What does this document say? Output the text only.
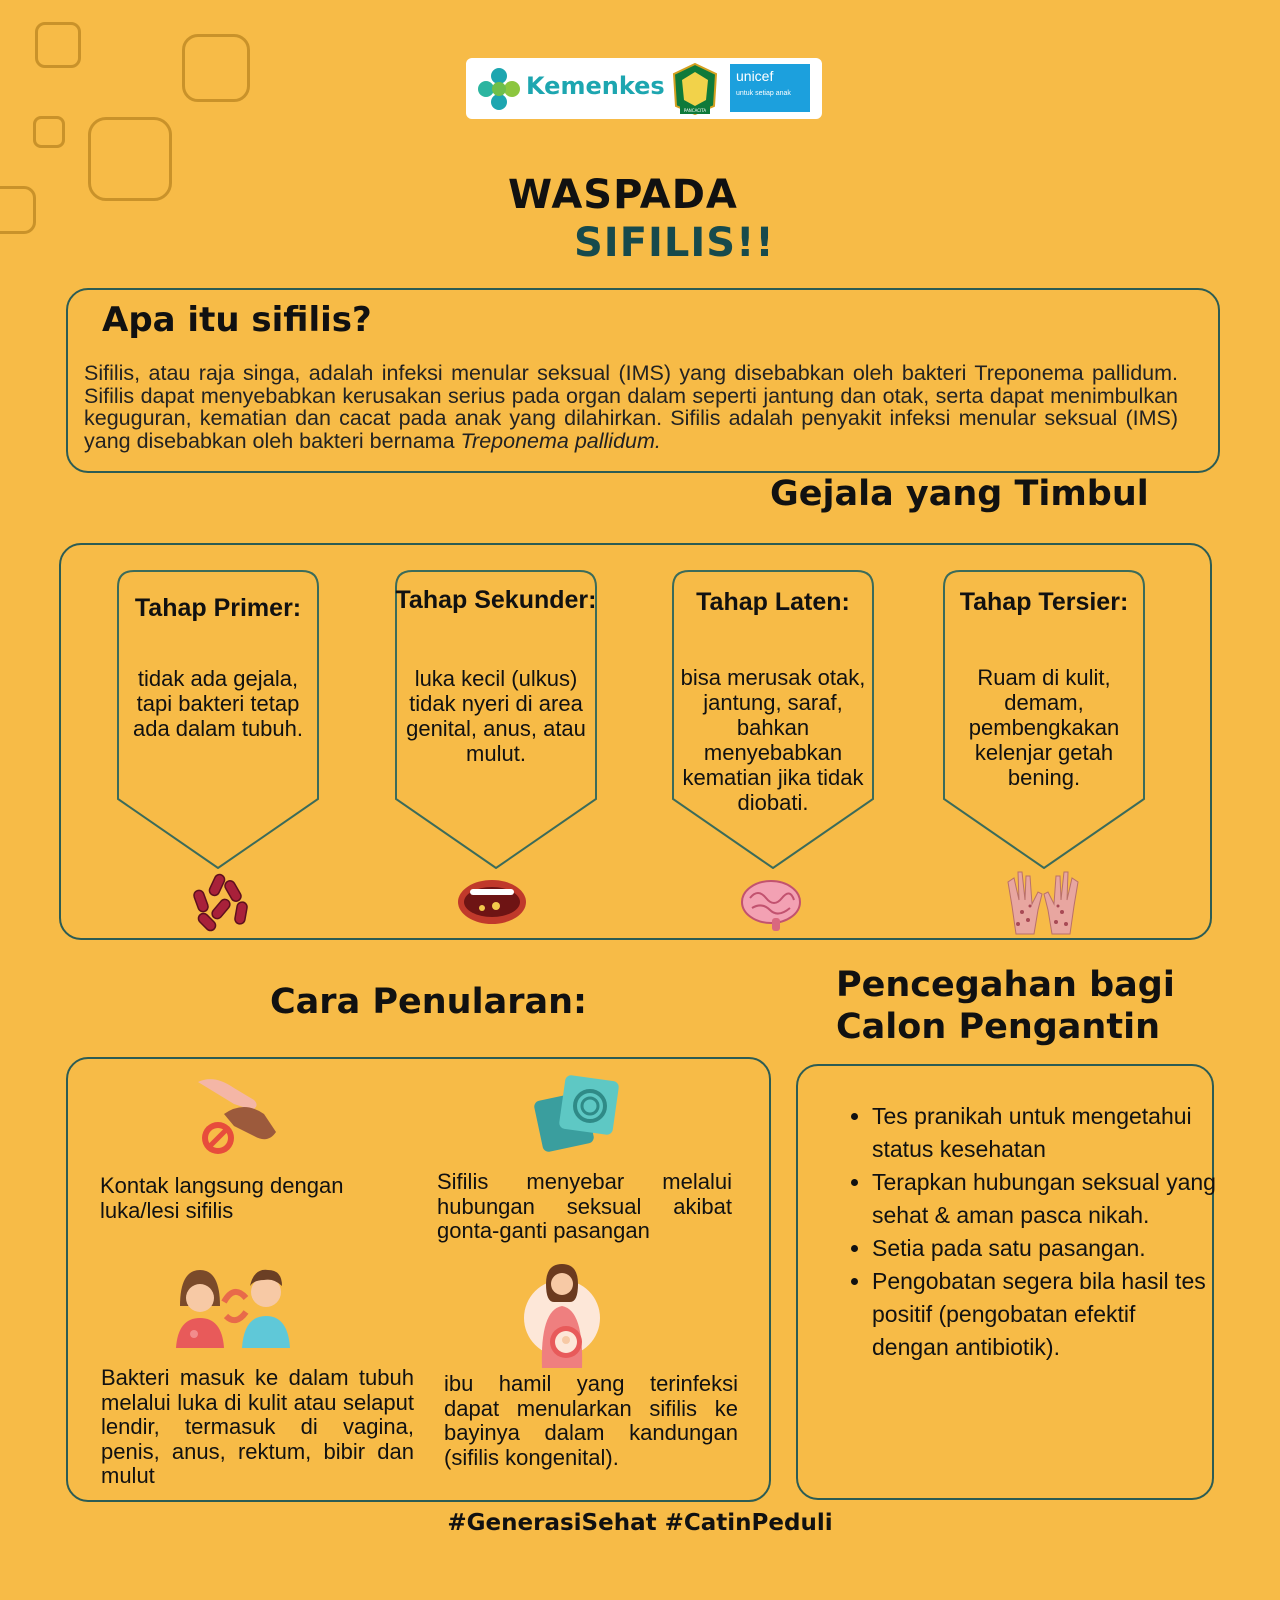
Kemenkes
PANCACITA
unicef
untuk setiap anak
WASPADA
SIFILIS!!
Apa itu sifilis?
Sifilis, atau raja singa, adalah infeksi menular seksual (IMS) yang disebabkan oleh bakteri Treponema pallidum. Sifilis dapat menyebabkan kerusakan serius pada organ dalam seperti jantung dan otak, serta dapat menimbulkan keguguran, kematian dan cacat pada anak yang dilahirkan. Sifilis adalah penyakit infeksi menular seksual (IMS) yang disebabkan oleh bakteri bernama Treponema pallidum.
Gejala yang Timbul
Tahap Primer:
tidak ada gejala, tapi bakteri tetap ada dalam tubuh.
Tahap Sekunder:
luka kecil (ulkus) tidak nyeri di area genital, anus, atau mulut.
Tahap Laten:
bisa merusak otak, jantung, saraf, bahkan menyebabkan kematian jika tidak diobati.
Tahap Tersier:
Ruam di kulit, demam, pembengkakan kelenjar getah bening.
Cara Penularan:
Kontak langsung dengan luka/lesi sifilis
Sifilis menyebar melalui hubungan seksual akibat gonta-ganti pasangan
Bakteri masuk ke dalam tubuh melalui luka di kulit atau selaput lendir, termasuk di vagina, penis, anus, rektum, bibir dan mulut
ibu hamil yang terinfeksi dapat menularkan sifilis ke bayinya dalam kandungan (sifilis kongenital).
Pencegahan bagi
Calon Pengantin
• Tes pranikah untuk mengetahui status kesehatan
• Terapkan hubungan seksual yang sehat & aman pasca nikah.
• Setia pada satu pasangan.
• Pengobatan segera bila hasil tes positif (pengobatan efektif dengan antibiotik).
#GenerasiSehat #CatinPeduli
